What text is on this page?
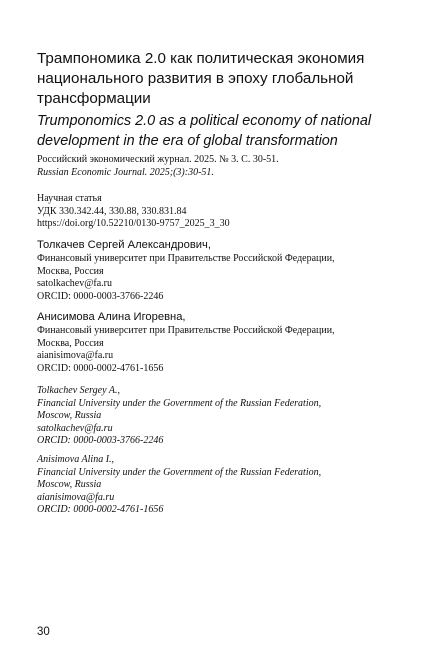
Трампономика 2.0 как политическая экономия национального развития в эпоху глобальной трансформации
Trumponomics 2.0 as a political economy of national development in the era of global transformation
Российский экономический журнал. 2025. № 3. С. 30-51.
Russian Economic Journal. 2025;(3):30-51.
Научная статья
УДК 330.342.44, 330.88, 330.831.84
https://doi.org/10.52210/0130-9757_2025_3_30
Толкачев Сергей Александрович,
Финансовый университет при Правительстве Российской Федерации,
Москва, Россия
satolkachev@fa.ru
ORCID: 0000-0003-3766-2246
Анисимова Алина Игоревна,
Финансовый университет при Правительстве Российской Федерации,
Москва, Россия
aianisimova@fa.ru
ORCID: 0000-0002-4761-1656
Tolkachev Sergey A.,
Financial University under the Government of the Russian Federation,
Moscow, Russia
satolkachev@fa.ru
ORCID: 0000-0003-3766-2246
Anisimova Alina I.,
Financial University under the Government of the Russian Federation,
Moscow, Russia
aianisimova@fa.ru
ORCID: 0000-0002-4761-1656
30
